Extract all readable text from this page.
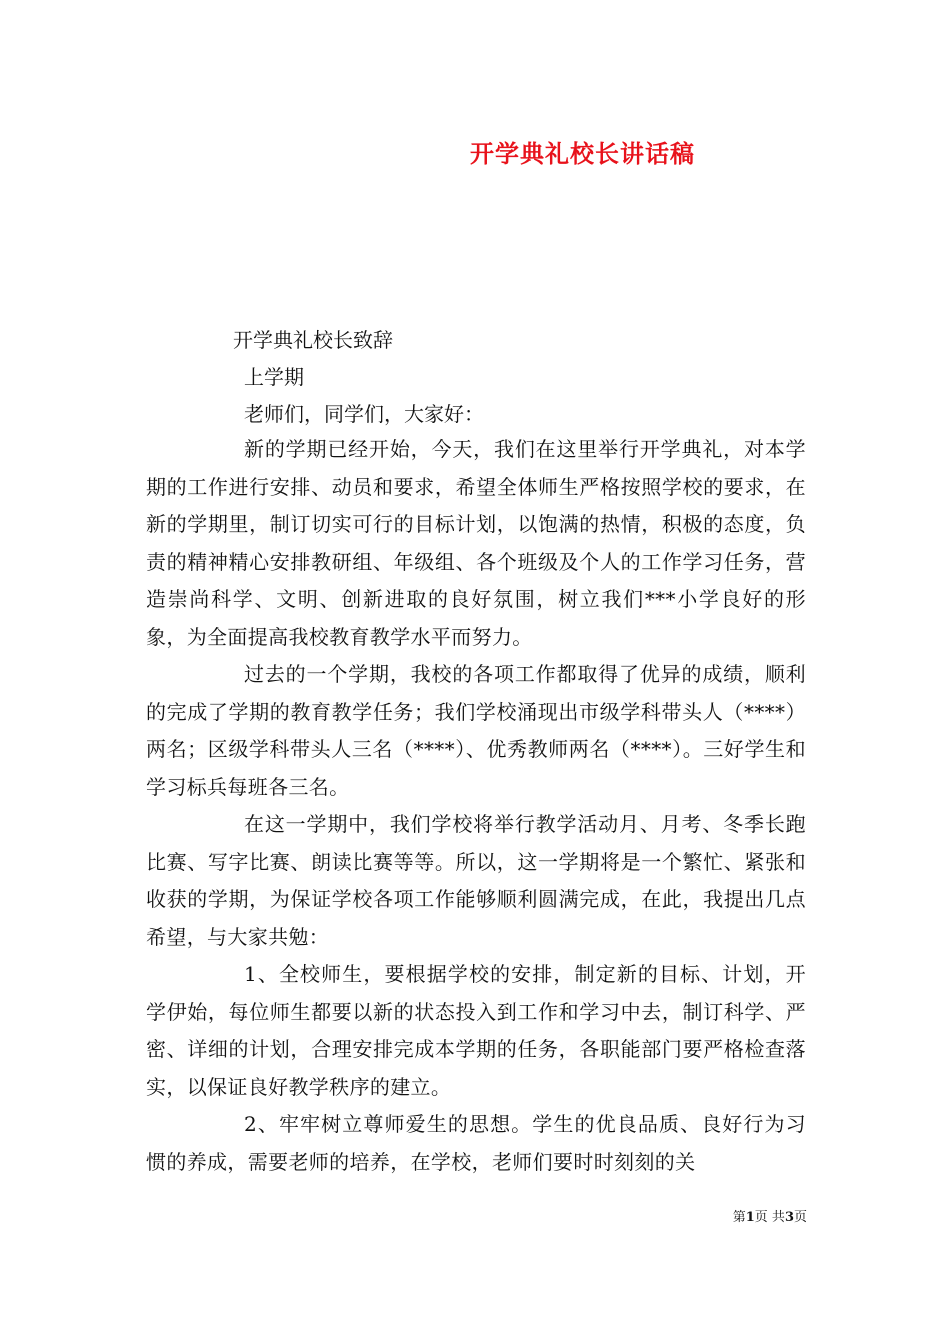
开学典礼校长讲话稿
开学典礼校长致辞
上学期
老师们，同学们，大家好：
新的学期已经开始，今天，我们在这里举行开学典礼，对本学期的工作进行安排、动员和要求，希望全体师生严格按照学校的要求，在新的学期里，制订切实可行的目标计划，以饱满的热情，积极的态度，负责的精神精心安排教研组、年级组、各个班级及个人的工作学习任务，营造崇尚科学、文明、创新进取的良好氛围，树立我们***小学良好的形象，为全面提高我校教育教学水平而努力。
过去的一个学期，我校的各项工作都取得了优异的成绩，顺利的完成了学期的教育教学任务；我们学校涌现出市级学科带头人（****）两名；区级学科带头人三名（****）、优秀教师两名（****）。三好学生和学习标兵每班各三名。
在这一学期中，我们学校将举行教学活动月、月考、冬季长跑比赛、写字比赛、朗读比赛等等。所以，这一学期将是一个繁忙、紧张和收获的学期，为保证学校各项工作能够顺利圆满完成，在此，我提出几点希望，与大家共勉：
1、全校师生，要根据学校的安排，制定新的目标、计划，开学伊始，每位师生都要以新的状态投入到工作和学习中去，制订科学、严密、详细的计划，合理安排完成本学期的任务，各职能部门要严格检查落实，以保证良好教学秩序的建立。
2、牢牢树立尊师爱生的思想。学生的优良品质、良好行为习惯的养成，需要老师的培养，在学校，老师们要时时刻刻的关
第1页 共3页
